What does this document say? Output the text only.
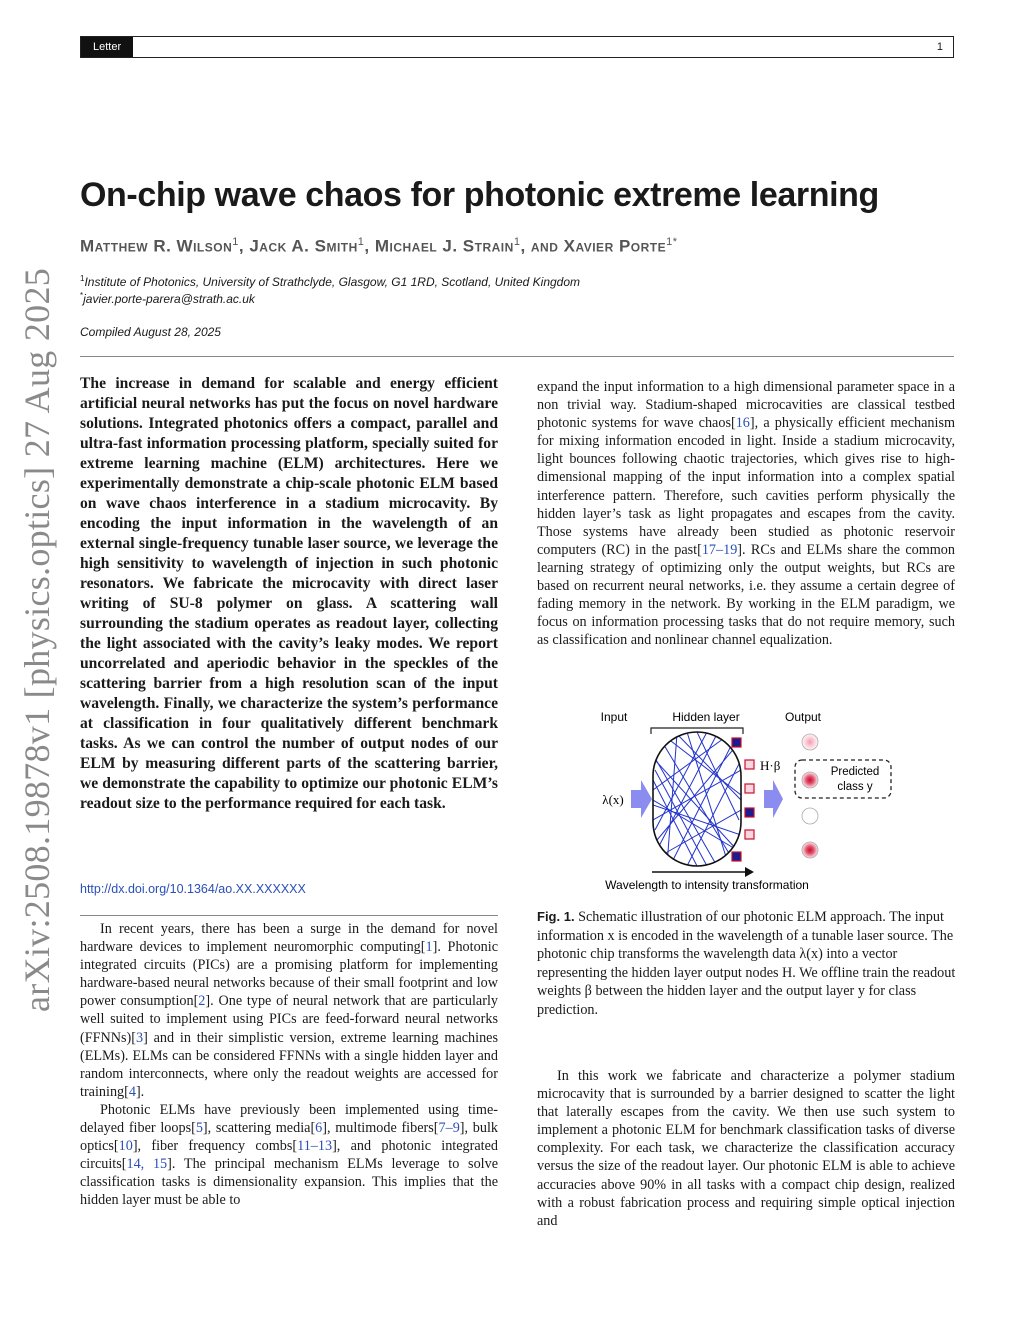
Letter	1
arXiv:2508.19878v1 [physics.optics] 27 Aug 2025
On-chip wave chaos for photonic extreme learning
Matthew R. Wilson$^1$, Jack A. Smith$^1$, Michael J. Strain$^1$, and Xavier Porte$^{1*}$
$^1$Institute of Photonics, University of Strathclyde, Glasgow, G1 1RD, Scotland, United Kingdom
*javier.porte-parera@strath.ac.uk
Compiled August 28, 2025

The increase in demand for scalable and energy efficient artificial neural networks has put the focus on novel hardware solutions. Integrated photonics offers a compact, parallel and ultra-fast information processing platform, specially suited for extreme learning machine (ELM) architectures. Here we experimentally demonstrate a chip-scale photonic ELM based on wave chaos interference in a stadium microcavity. By encoding the input information in the wavelength of an external single-frequency tunable laser source, we leverage the high sensitivity to wavelength of injection in such photonic resonators. We fabricate the microcavity with direct laser writing of SU-8 polymer on glass. A scattering wall surrounding the stadium operates as readout layer, collecting the light associated with the cavity’s leaky modes. We report uncorrelated and aperiodic behavior in the speckles of the scattering barrier from a high resolution scan of the input wavelength. Finally, we characterize the system’s performance at classification in four qualitatively different benchmark tasks. As we can control the number of output nodes of our ELM by measuring different parts of the scattering barrier, we demonstrate the capability to optimize our photonic ELM’s readout size to the performance required for each task.

http://dx.doi.org/10.1364/ao.XX.XXXXXX

In recent years, there has been a surge in the demand for novel hardware devices to implement neuromorphic computing[1]. Photonic integrated circuits (PICs) are a promising platform for implementing hardware-based neural networks because of their small footprint and low power consumption[2]. One type of neural network that are particularly well suited to implement using PICs are feed-forward neural networks (FFNNs)[3] and in their simplistic version, extreme learning machines (ELMs). ELMs can be considered FFNNs with a single hidden layer and random interconnects, where only the readout weights are accessed for training[4].

Photonic ELMs have previously been implemented using time-delayed fiber loops[5], scattering media[6], multimode fibers[7–9], bulk optics[10], fiber frequency combs[11–13], and photonic integrated circuits[14, 15]. The principal mechanism ELMs leverage to solve classification tasks is dimensionality expansion. This implies that the hidden layer must be able to

expand the input information to a high dimensional parameter space in a non trivial way. Stadium-shaped microcavities are classical testbed photonic systems for wave chaos[16], a physically efficient mechanism for mixing information encoded in light. Inside a stadium microcavity, light bounces following chaotic trajectories, which gives rise to high-dimensional mapping of the input information into a complex spatial interference pattern. Therefore, such cavities perform physically the hidden layer’s task as light propagates and escapes from the cavity. Those systems have already been studied as photonic reservoir computers (RC) in the past[17–19]. RCs and ELMs share the common learning strategy of optimizing only the output weights, but RCs are based on recurrent neural networks, i.e. they assume a certain degree of fading memory in the network. By working in the ELM paradigm, we focus on information processing tasks that do not require memory, such as classification and nonlinear channel equalization.

Input	Hidden layer	Output
λ(x)
H·β	Predicted
class y
Wavelength to intensity transformation

Fig. 1. Schematic illustration of our photonic ELM approach. The input information x is encoded in the wavelength of a tunable laser source. The photonic chip transforms the wavelength data λ(x) into a vector representing the hidden layer output nodes H. We offline train the readout weights β between the hidden layer and the output layer y for class prediction.

In this work we fabricate and characterize a polymer stadium microcavity that is surrounded by a barrier designed to scatter the light that laterally escapes from the cavity. We then use such system to implement a photonic ELM for benchmark classification tasks of diverse complexity. For each task, we characterize the classification accuracy versus the size of the readout layer. Our photonic ELM is able to achieve accuracies above 90% in all tasks with a compact chip design, realized with a robust fabrication process and requiring simple optical injection and
